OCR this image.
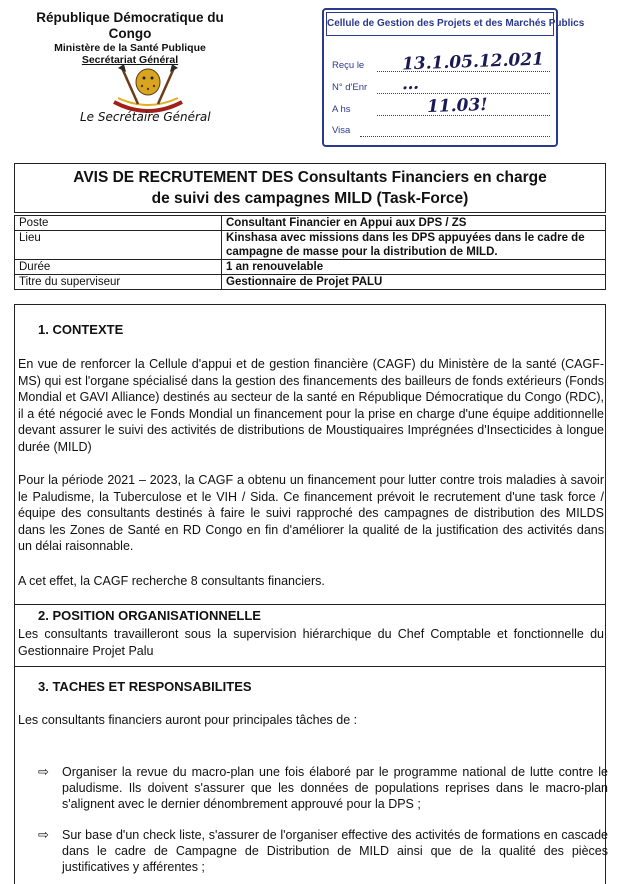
République Démocratique du Congo
Ministère de la Santé Publique
Secrétariat Général
Le Secrétaire Général
Cellule de Gestion des Projets et des Marchés Publics
Reçu le 13.1.05.12.021
N° d'Enr …
A hs	11.03!
Visa
AVIS DE RECRUTEMENT DES Consultants Financiers en charge
de suivi des campagnes MILD (Task-Force)
Poste	Consultant Financier en Appui aux DPS / ZS
Lieu	Kinshasa avec missions dans les DPS appuyées dans le cadre de campagne de masse pour la distribution de MILD.
Durée	1 an renouvelable
Titre du superviseur	Gestionnaire de Projet PALU
1. CONTEXTE
En vue de renforcer la Cellule d'appui et de gestion financière (CAGF) du Ministère de la santé (CAGF-MS) qui est l'organe spécialisé dans la gestion des financements des bailleurs de fonds extérieurs (Fonds Mondial et GAVI Alliance) destinés au secteur de la santé en République Démocratique du Congo (RDC), il a été négocié avec le Fonds Mondial un financement pour la prise en charge d'une équipe additionnelle devant assurer le suivi des activités de distributions de Moustiquaires Imprégnées d'Insecticides à longue durée (MILD)
Pour la période 2021 – 2023, la CAGF a obtenu un financement pour lutter contre trois maladies à savoir le Paludisme, la Tuberculose et le VIH / Sida. Ce financement prévoit le recrutement d'une task force / équipe des consultants destinés à faire le suivi rapproché des campagnes de distribution des MILDS dans les Zones de Santé en RD Congo en fin d'améliorer la qualité de la justification des activités dans un délai raisonnable.
A cet effet, la CAGF recherche 8 consultants financiers.
2. POSITION ORGANISATIONNELLE
Les consultants travailleront sous la supervision hiérarchique du Chef Comptable et fonctionnelle du Gestionnaire Projet Palu
3. TACHES ET RESPONSABILITES
Les consultants financiers auront pour principales tâches de :
⇨ Organiser la revue du macro-plan une fois élaboré par le programme national de lutte contre le paludisme. Ils doivent s'assurer que les données de populations reprises dans le macro-plan s'alignent avec le dernier dénombrement approuvé pour la DPS ;
⇨ Sur base d'un check liste, s'assurer de l'organiser effective des activités de formations en cascade dans le cadre de Campagne de Distribution de MILD ainsi que de la qualité des pièces justificatives y afférentes ;
